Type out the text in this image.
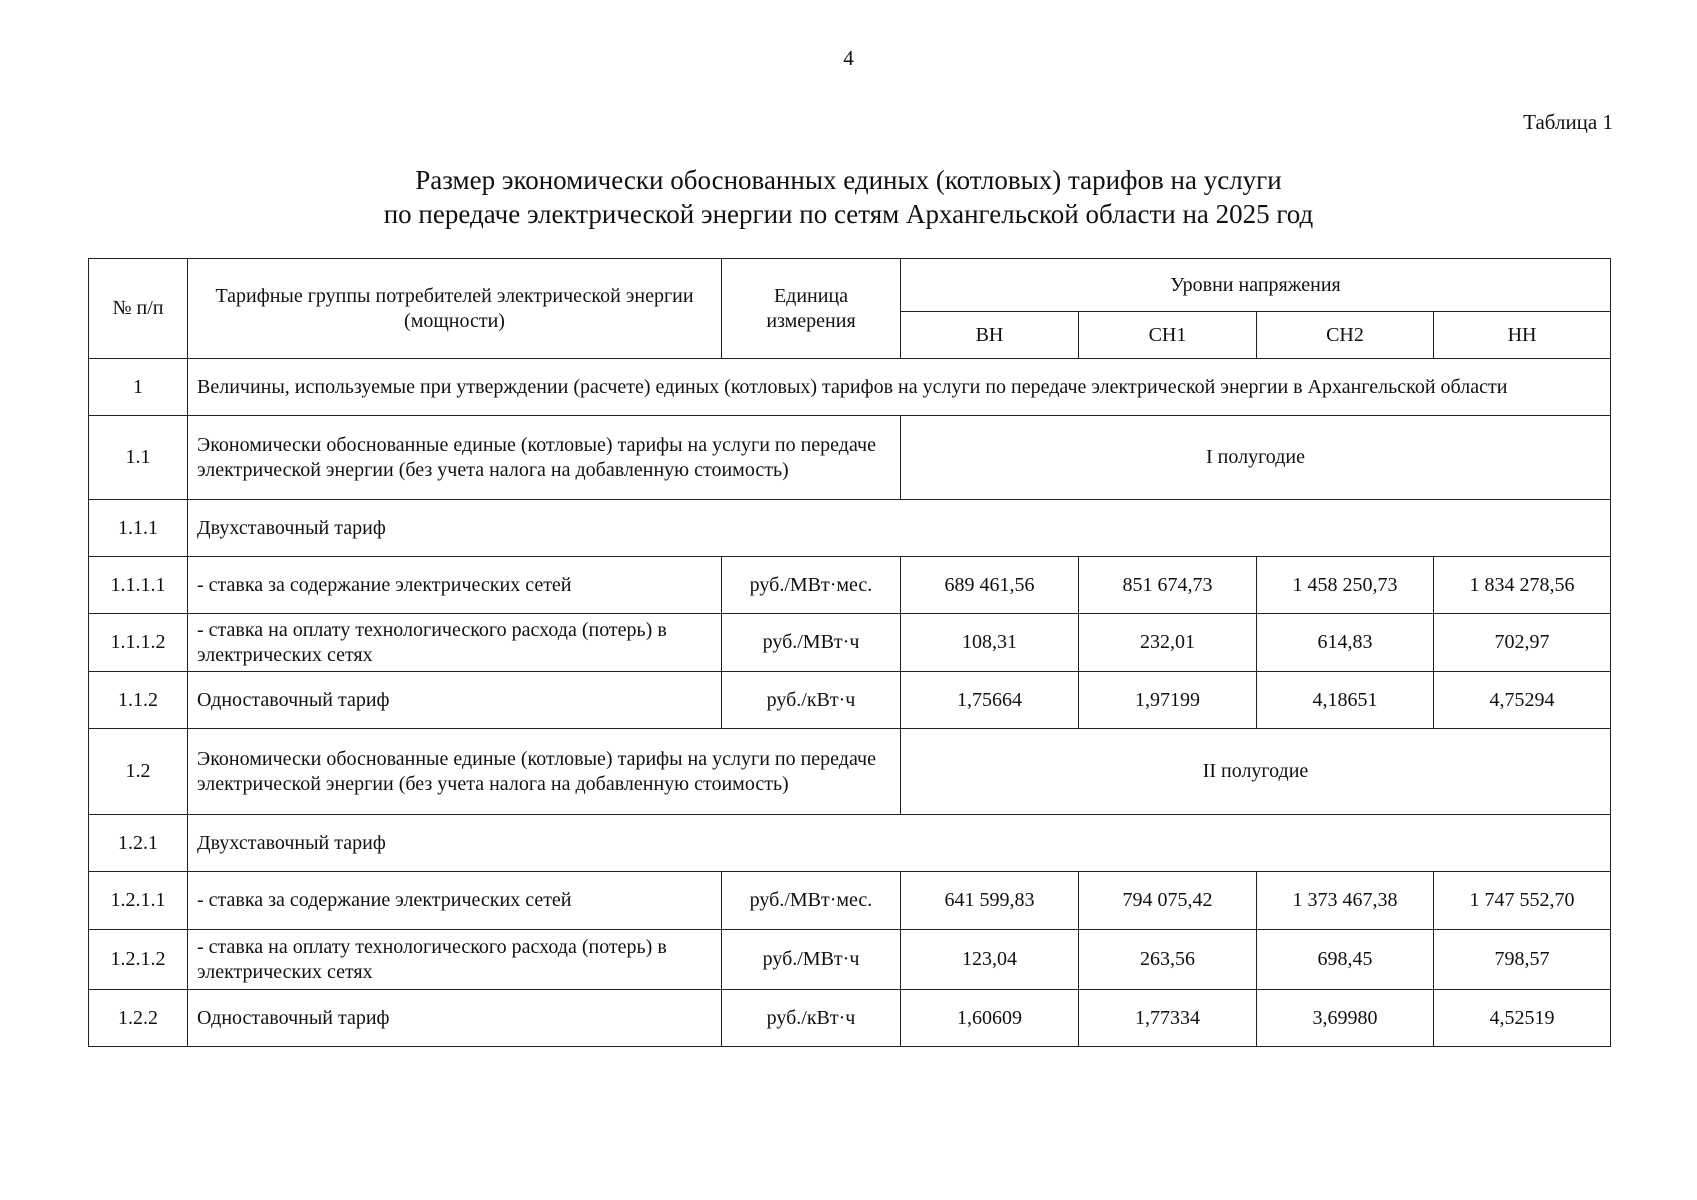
4
Таблица 1
Размер экономически обоснованных единых (котловых) тарифов на услуги
по передаче электрической энергии по сетям Архангельской области на 2025 год
№ п/п	Тарифные группы потребителей электрической энергии (мощности)	Единица измерения	Уровни напряжения			
			ВН	СН1	СН2	НН
1	Величины, используемые при утверждении (расчете) единых (котловых) тарифов на услуги по передаче электрической энергии в Архангельской области					
1.1	Экономически обоснованные единые (котловые) тарифы на услуги по передаче электрической энергии (без учета налога на добавленную стоимость)		I полугодие			
1.1.1	Двухставочный тариф					
1.1.1.1	- ставка за содержание электрических сетей	руб./МВт·мес.	689 461,56	851 674,73	1 458 250,73	1 834 278,56
1.1.1.2	- ставка на оплату технологического расхода (потерь) в электрических сетях	руб./МВт·ч	108,31	232,01	614,83	702,97
1.1.2	Одноставочный тариф	руб./кВт·ч	1,75664	1,97199	4,18651	4,75294
1.2	Экономически обоснованные единые (котловые) тарифы на услуги по передаче электрической энергии (без учета налога на добавленную стоимость)		II полугодие			
1.2.1	Двухставочный тариф					
1.2.1.1	- ставка за содержание электрических сетей	руб./МВт·мес.	641 599,83	794 075,42	1 373 467,38	1 747 552,70
1.2.1.2	- ставка на оплату технологического расхода (потерь) в электрических сетях	руб./МВт·ч	123,04	263,56	698,45	798,57
1.2.2	Одноставочный тариф	руб./кВт·ч	1,60609	1,77334	3,69980	4,52519
